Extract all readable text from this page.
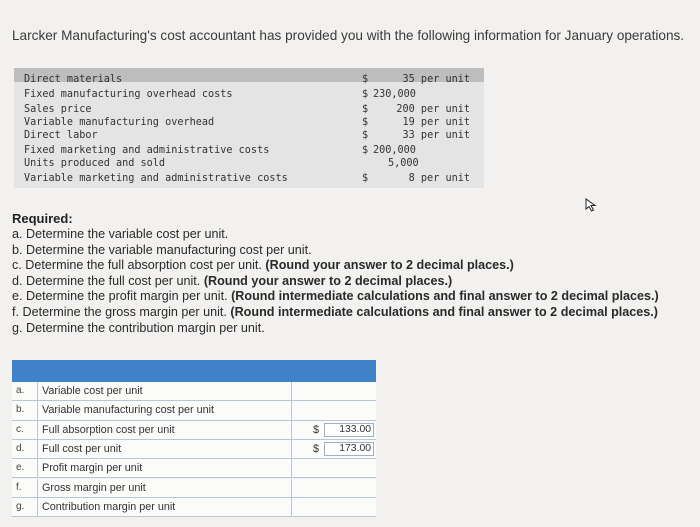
Larcker Manufacturing's cost accountant has provided you with the following information for January operations.
Direct materials	$	35 per unit
Fixed manufacturing overhead costs	$ 230,000
Sales price	$	200 per unit
Variable manufacturing overhead	$	19 per unit
Direct labor	$	33 per unit
Fixed marketing and administrative costs	$ 200,000
Units produced and sold	5,000
Variable marketing and administrative costs	$	8 per unit
Required:
a. Determine the variable cost per unit.
b. Determine the variable manufacturing cost per unit.
c. Determine the full absorption cost per unit. (Round your answer to 2 decimal places.)
d. Determine the full cost per unit. (Round your answer to 2 decimal places.)
e. Determine the profit margin per unit. (Round intermediate calculations and final answer to 2 decimal places.)
f. Determine the gross margin per unit. (Round intermediate calculations and final answer to 2 decimal places.)
g. Determine the contribution margin per unit.
a.	Variable cost per unit
b.	Variable manufacturing cost per unit
c.	Full absorption cost per unit	$	133.00
d.	Full cost per unit	$	173.00
e.	Profit margin per unit
f.	Gross margin per unit
g.	Contribution margin per unit
